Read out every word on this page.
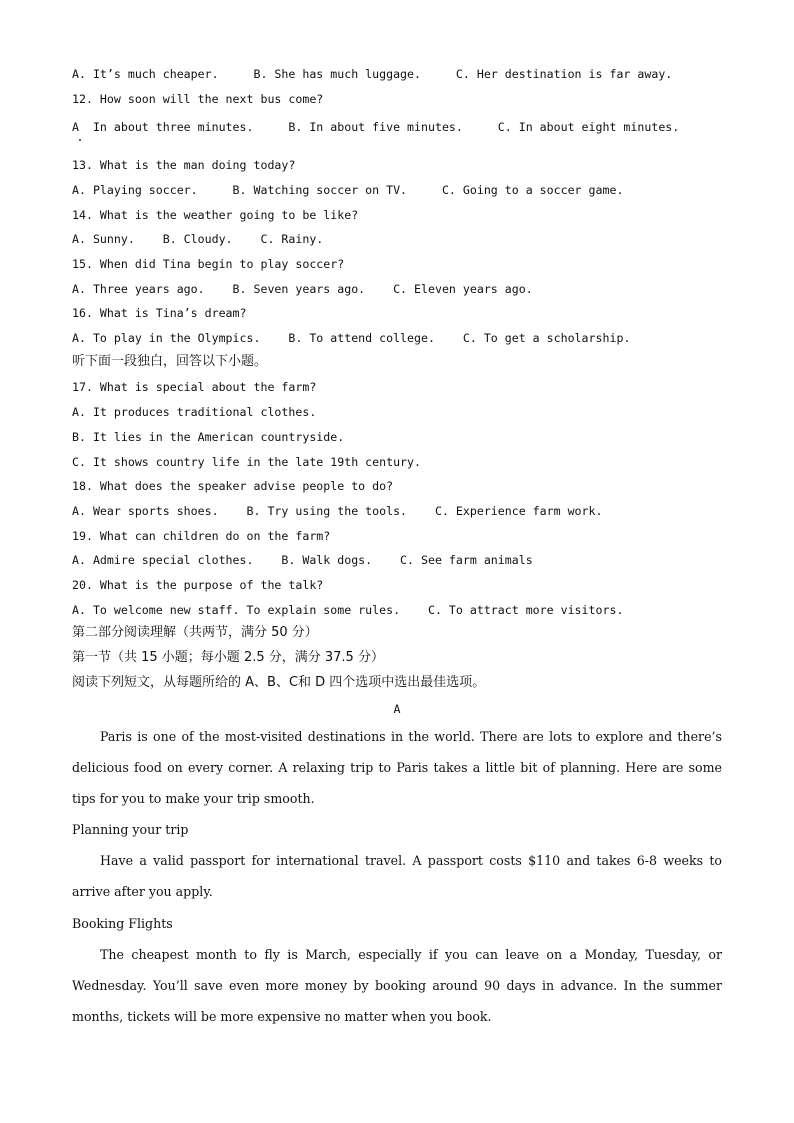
A. It’s much cheaper.     B. She has much luggage.     C. Her destination is far away.
12. How soon will the next bus come?
A  In about three minutes.     B. In about five minutes.     C. In about eight minutes.
13. What is the man doing today?
A. Playing soccer.     B. Watching soccer on TV.     C. Going to a soccer game.
14. What is the weather going to be like?
A. Sunny.    B. Cloudy.    C. Rainy.
15. When did Tina begin to play soccer?
A. Three years ago.    B. Seven years ago.    C. Eleven years ago.
16. What is Tina’s dream?
A. To play in the Olympics.    B. To attend college.    C. To get a scholarship.
听下面一段独白，回答以下小题。
17. What is special about the farm?
A. It produces traditional clothes.
B. It lies in the American countryside.
C. It shows country life in the late 19th century.
18. What does the speaker advise people to do?
A. Wear sports shoes.    B. Try using the tools.    C. Experience farm work.
19. What can children do on the farm?
A. Admire special clothes.    B. Walk dogs.    C. See farm animals
20. What is the purpose of the talk?
A. To welcome new staff. To explain some rules.    C. To attract more visitors.
第二部分阅读理解（共两节，满分 50 分）
第一节（共 15 小题；每小题 2.5 分，满分 37.5 分）
阅读下列短文，从每题所给的 A、B、C和 D 四个选项中选出最佳选项。
A
Paris is one of the most-visited destinations in the world. There are lots to explore and there’s delicious food on every corner. A relaxing trip to Paris takes a little bit of planning. Here are some tips for you to make your trip smooth.
Planning your trip
Have a valid passport for international travel. A passport costs $110 and takes 6-8 weeks to arrive after you apply.
Booking Flights
The cheapest month to fly is March, especially if you can leave on a Monday, Tuesday, or Wednesday. You’ll save even more money by booking around 90 days in advance. In the summer months, tickets will be more expensive no matter when you book.
